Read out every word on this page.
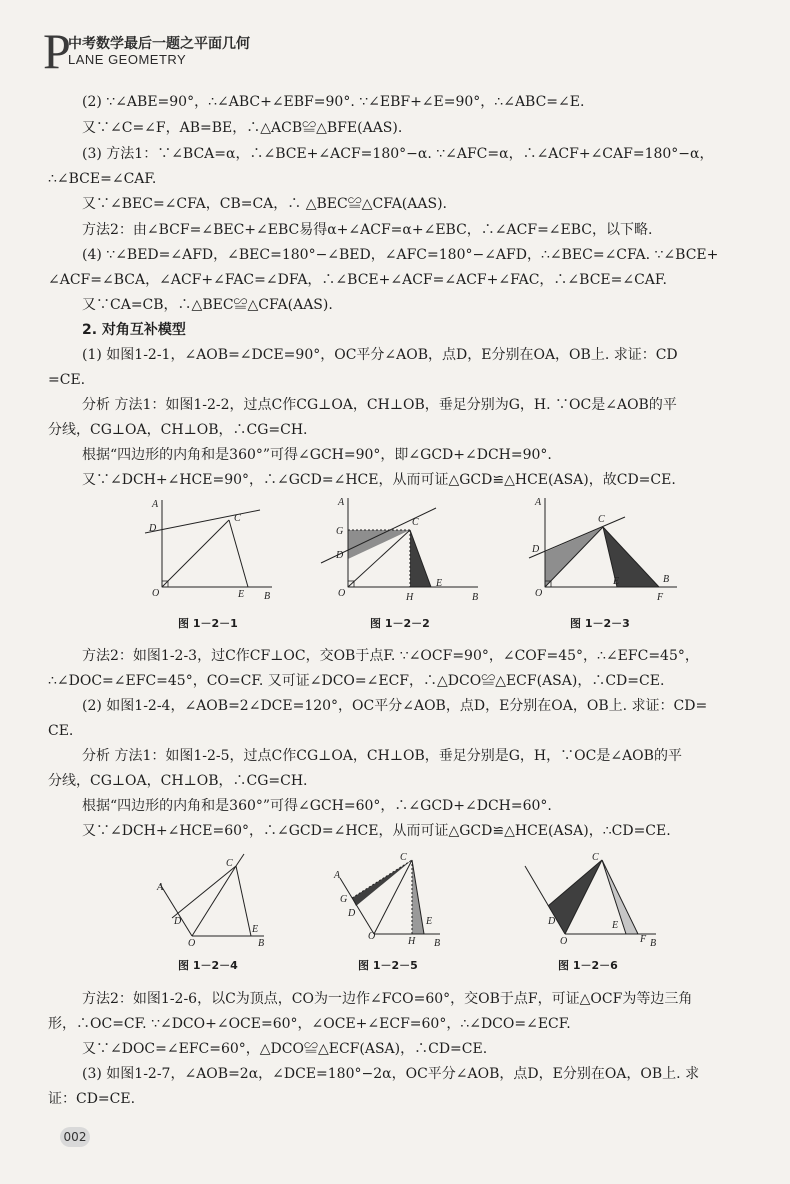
P
中考数学最后一题之平面几何
LANE GEOMETRY
(2) ∵∠ABE=90°，∴∠ABC+∠EBF=90°. ∵∠EBF+∠E=90°，∴∠ABC=∠E.
又∵∠C=∠F，AB=BE，∴△ACB≌△BFE(AAS).
(3) 方法1：∵∠BCA=α，∴∠BCE+∠ACF=180°−α. ∵∠AFC=α，∴∠ACF+∠CAF=180°−α，
∴∠BCE=∠CAF.
又∵∠BEC=∠CFA，CB=CA，∴ △BEC≌△CFA(AAS).
方法2：由∠BCF=∠BEC+∠EBC易得α+∠ACF=α+∠EBC，∴∠ACF=∠EBC，以下略.
(4) ∵∠BED=∠AFD，∠BEC=180°−∠BED，∠AFC=180°−∠AFD，∴∠BEC=∠CFA. ∵∠BCE+
∠ACF=∠BCA，∠ACF+∠FAC=∠DFA，∴∠BCE+∠ACF=∠ACF+∠FAC，∴∠BCE=∠CAF.
又∵CA=CB，∴△BEC≌△CFA(AAS).
2. 对角互补模型
(1) 如图1-2-1，∠AOB=∠DCE=90°，OC平分∠AOB，点D，E分别在OA，OB上. 求证：CD
=CE.
分析 方法1：如图1-2-2，过点C作CG⊥OA，CH⊥OB，垂足分别为G，H. ∵OC是∠AOB的平
分线，CG⊥OA，CH⊥OB，∴CG=CH.
根据“四边形的内角和是360°”可得∠GCH=90°，即∠GCD+∠DCH=90°.
又∵∠DCH+∠HCE=90°，∴∠GCD=∠HCE，从而可证△GCD≌△HCE(ASA)，故CD=CE.
A
D
C
O	E B
图 1－2－1
A
G
D
C
O	H
E
B
图 1－2－2
A
D
C
O
E	B
F
图 1－2－3
方法2：如图1-2-3，过C作CF⊥OC，交OB于点F. ∵∠OCF=90°，∠COF=45°，∴∠EFC=45°，
∴∠DOC=∠EFC=45°，CO=CF. 又可证∠DCO=∠ECF，∴△DCO≌△ECF(ASA)，∴CD=CE.
(2) 如图1-2-4，∠AOB=2∠DCE=120°，OC平分∠AOB，点D，E分别在OA，OB上. 求证：CD=
CE.
分析 方法1：如图1-2-5，过点C作CG⊥OA，CH⊥OB，垂足分别是G，H，∵OC是∠AOB的平
分线，CG⊥OA，CH⊥OB，∴CG=CH.
根据“四边形的内角和是360°”可得∠GCH=60°，∴∠GCD+∠DCH=60°.
又∵∠DCH+∠HCE=60°，∴∠GCD=∠HCE，从而可证△GCD≌△HCE(ASA)，∴CD=CE.
A
D
C
O
E
B
图 1－2－4
A
G
D
C
O	H
E
B
图 1－2－5
C
D
O
E
F B
图 1－2－6
方法2：如图1-2-6，以C为顶点，CO为一边作∠FCO=60°，交OB于点F，可证△OCF为等边三角
形，∴OC=CF. ∵∠DCO+∠OCE=60°，∠OCE+∠ECF=60°，∴∠DCO=∠ECF.
又∵∠DOC=∠EFC=60°，△DCO≌△ECF(ASA)，∴CD=CE.
(3) 如图1-2-7，∠AOB=2α，∠DCE=180°−2α，OC平分∠AOB，点D，E分别在OA，OB上. 求
证：CD=CE.
002
